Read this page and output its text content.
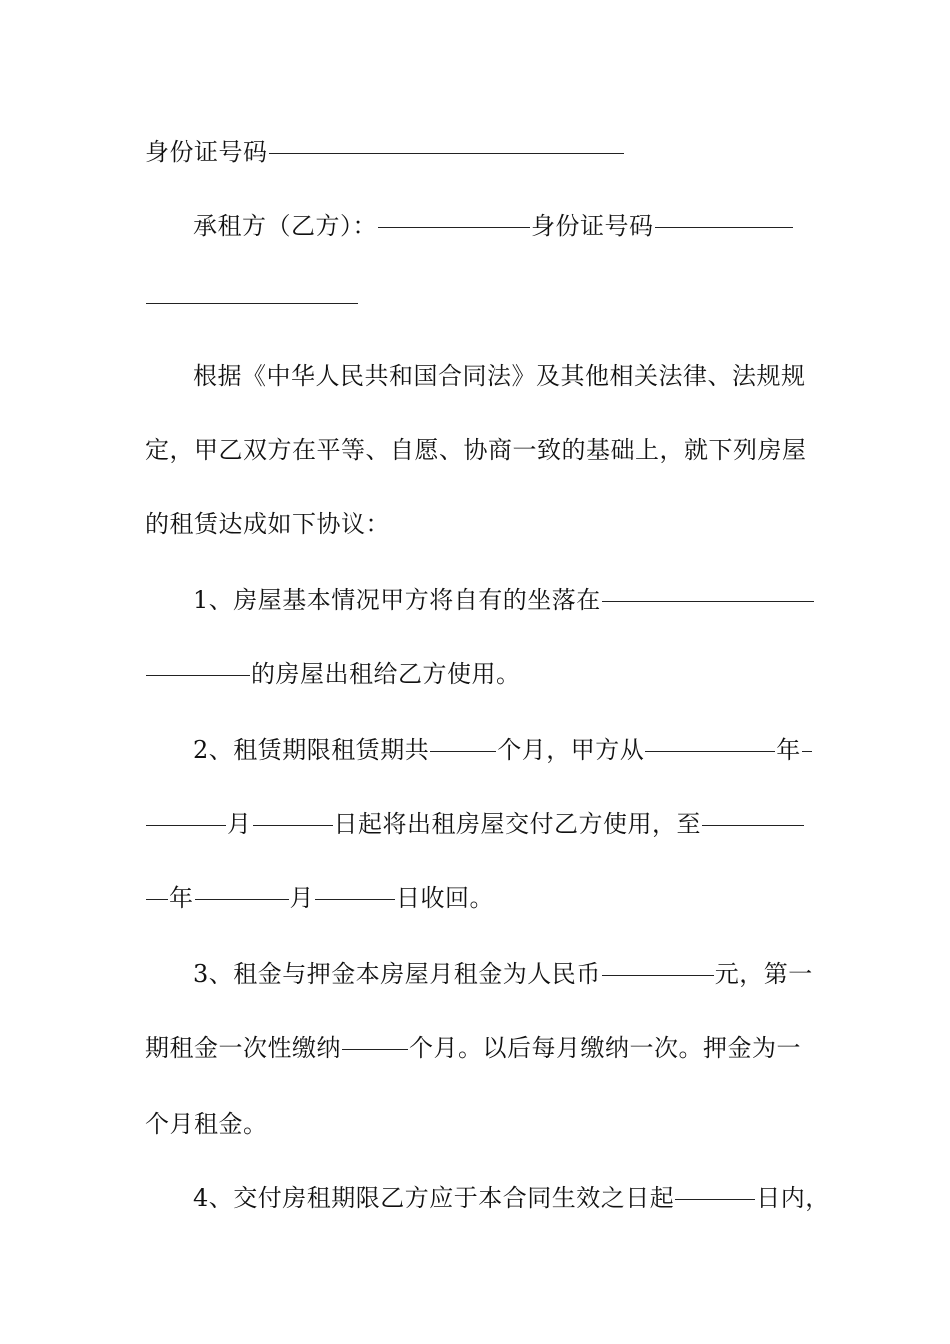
身份证号码
承租方（乙方）：	身份证号码
根据《中华人民共和国合同法》及其他相关法律、法规规
定，甲乙双方在平等、自愿、协商一致的基础上，就下列房屋
的租赁达成如下协议：
1、房屋基本情况甲方将自有的坐落在
的房屋出租给乙方使用。
2、租赁期限租赁期共	个月，甲方从	年
月	日起将出租房屋交付乙方使用，至
年	月	日收回。
3、租金与押金本房屋月租金为人民币	元，第一
期租金一次性缴纳	个月。以后每月缴纳一次。押金为一
个月租金。
4、交付房租期限乙方应于本合同生效之日起	日内，
